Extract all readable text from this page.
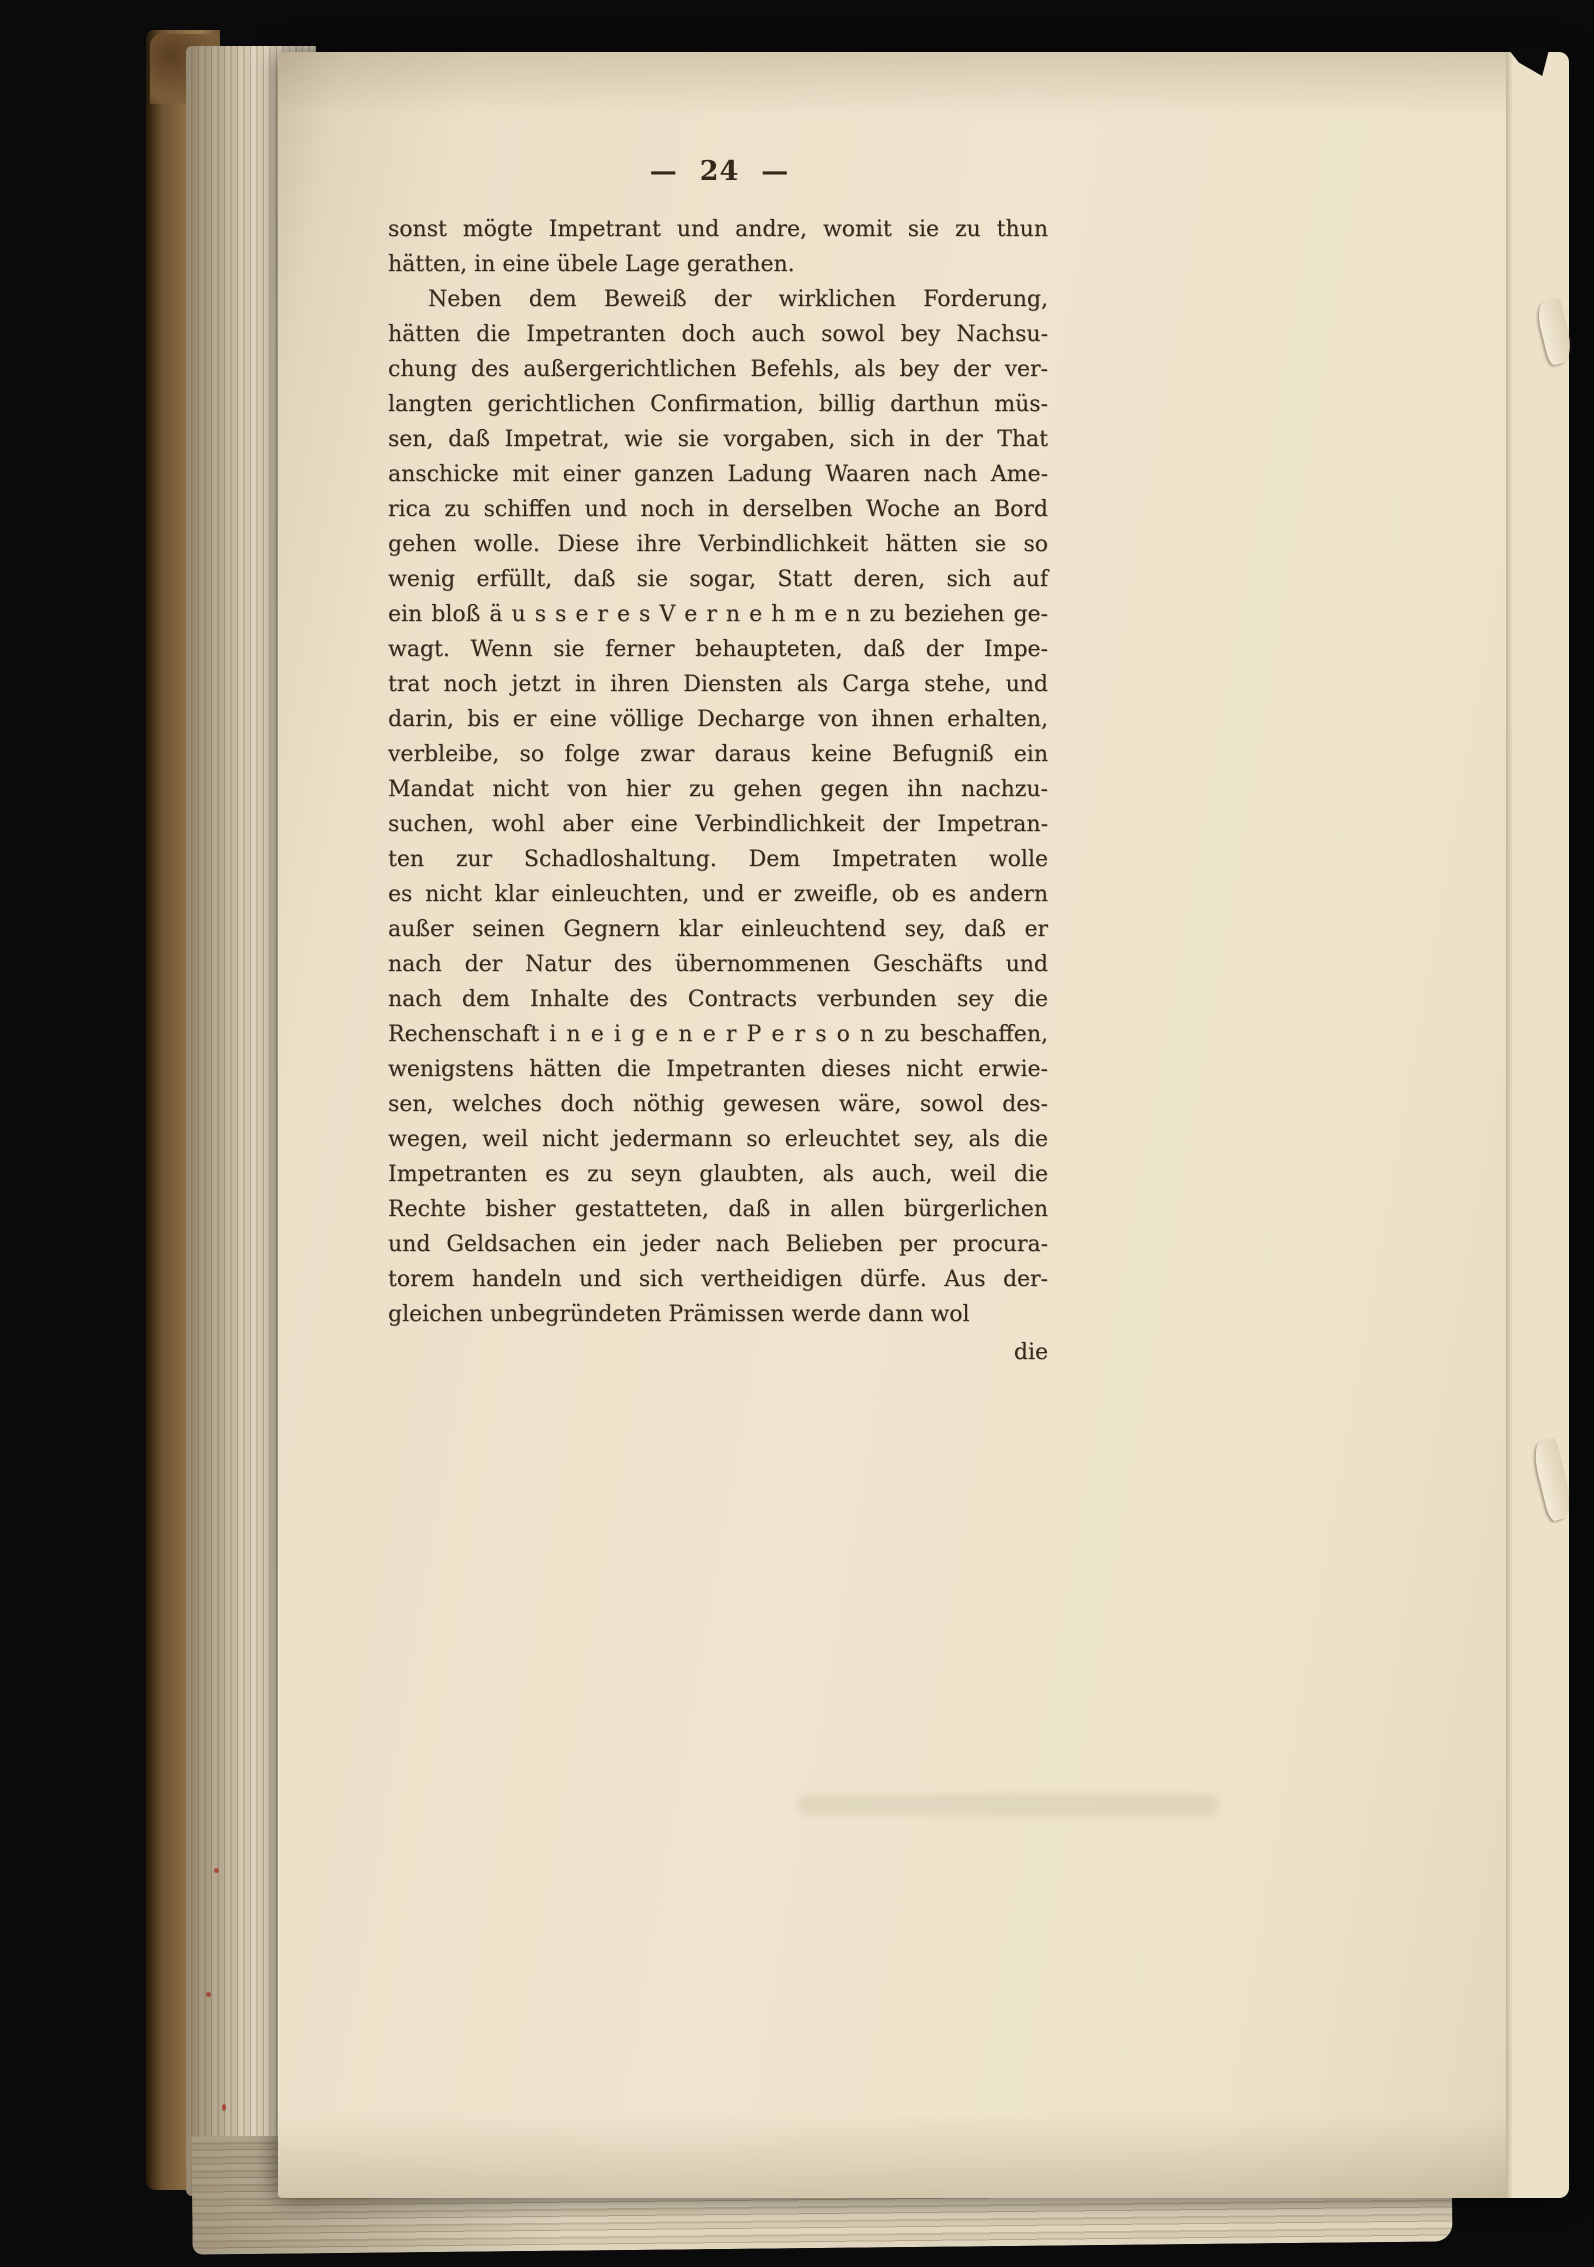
— 24 —
sonst mögte Impetrant und andre, womit sie zu thun
hätten, in eine übele Lage gerathen.
Neben dem Beweiß der wirklichen Forderung,
hätten die Impetranten doch auch sowol bey Nachsu-
chung des außergerichtlichen Befehls, als bey der ver-
langten gerichtlichen Confirmation, billig darthun müs-
sen, daß Impetrat, wie sie vorgaben, sich in der That
anschicke mit einer ganzen Ladung Waaren nach Ame-
rica zu schiffen und noch in derselben Woche an Bord
gehen wolle. Diese ihre Verbindlichkeit hätten sie so
wenig erfüllt, daß sie sogar, Statt deren, sich auf
ein bloß ä u s s e r e s V e r n e h m e n zu beziehen ge-
wagt. Wenn sie ferner behaupteten, daß der Impe-
trat noch jetzt in ihren Diensten als Carga stehe, und
darin, bis er eine völlige Decharge von ihnen erhalten,
verbleibe, so folge zwar daraus keine Befugniß ein
Mandat nicht von hier zu gehen gegen ihn nachzu-
suchen, wohl aber eine Verbindlichkeit der Impetran-
ten zur Schadloshaltung. Dem Impetraten wolle
es nicht klar einleuchten, und er zweifle, ob es andern
außer seinen Gegnern klar einleuchtend sey, daß er
nach der Natur des übernommenen Geschäfts und
nach dem Inhalte des Contracts verbunden sey die
Rechenschaft i n e i g e n e r P e r s o n zu beschaffen,
wenigstens hätten die Impetranten dieses nicht erwie-
sen, welches doch nöthig gewesen wäre, sowol des-
wegen, weil nicht jedermann so erleuchtet sey, als die
Impetranten es zu seyn glaubten, als auch, weil die
Rechte bisher gestatteten, daß in allen bürgerlichen
und Geldsachen ein jeder nach Belieben per procura-
torem handeln und sich vertheidigen dürfe. Aus der-
gleichen unbegründeten Prämissen werde dann wol
die
